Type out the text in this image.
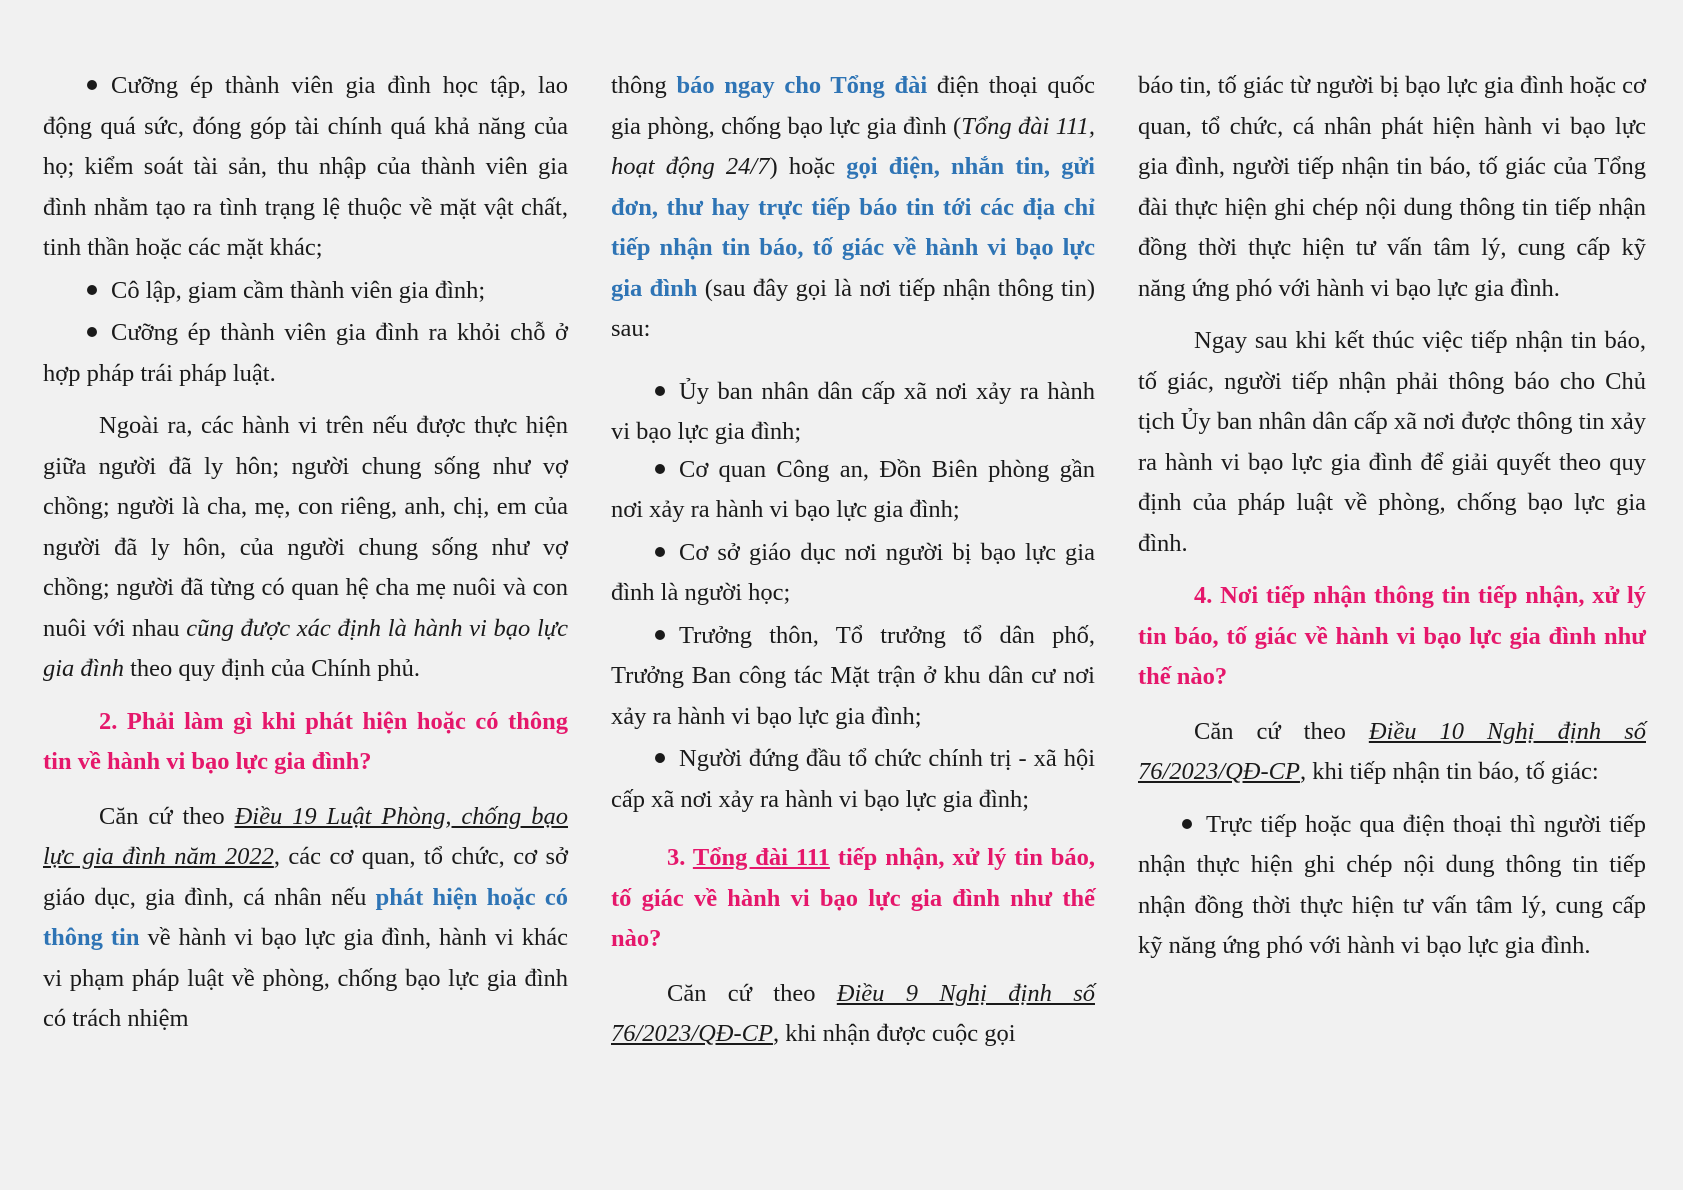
Cưỡng ép thành viên gia đình học tập, lao động quá sức, đóng góp tài chính quá khả năng của họ; kiểm soát tài sản, thu nhập của thành viên gia đình nhằm tạo ra tình trạng lệ thuộc về mặt vật chất, tinh thần hoặc các mặt khác;
Cô lập, giam cầm thành viên gia đình;
Cưỡng ép thành viên gia đình ra khỏi chỗ ở hợp pháp trái pháp luật.

Ngoài ra, các hành vi trên nếu được thực hiện giữa người đã ly hôn; người chung sống như vợ chồng; người là cha, mẹ, con riêng, anh, chị, em của người đã ly hôn, của người chung sống như vợ chồng; người đã từng có quan hệ cha mẹ nuôi và con nuôi với nhau cũng được xác định là hành vi bạo lực gia đình theo quy định của Chính phủ.

2. Phải làm gì khi phát hiện hoặc có thông tin về hành vi bạo lực gia đình?

Căn cứ theo Điều 19 Luật Phòng, chống bạo lực gia đình năm 2022, các cơ quan, tổ chức, cơ sở giáo dục, gia đình, cá nhân nếu phát hiện hoặc có thông tin về hành vi bạo lực gia đình, hành vi khác vi phạm pháp luật về phòng, chống bạo lực gia đình có trách nhiệm

thông báo ngay cho Tổng đài điện thoại quốc gia phòng, chống bạo lực gia đình (Tổng đài 111, hoạt động 24/7) hoặc gọi điện, nhắn tin, gửi đơn, thư hay trực tiếp báo tin tới các địa chỉ tiếp nhận tin báo, tố giác về hành vi bạo lực gia đình (sau đây gọi là nơi tiếp nhận thông tin) sau:

Ủy ban nhân dân cấp xã nơi xảy ra hành vi bạo lực gia đình;
Cơ quan Công an, Đồn Biên phòng gần nơi xảy ra hành vi bạo lực gia đình;
Cơ sở giáo dục nơi người bị bạo lực gia đình là người học;
Trưởng thôn, Tổ trưởng tổ dân phố, Trưởng Ban công tác Mặt trận ở khu dân cư nơi xảy ra hành vi bạo lực gia đình;
Người đứng đầu tổ chức chính trị - xã hội cấp xã nơi xảy ra hành vi bạo lực gia đình;

3. Tổng đài 111 tiếp nhận, xử lý tin báo, tố giác về hành vi bạo lực gia đình như thế nào?

Căn cứ theo Điều 9 Nghị định số 76/2023/QĐ-CP, khi nhận được cuộc gọi

báo tin, tố giác từ người bị bạo lực gia đình hoặc cơ quan, tổ chức, cá nhân phát hiện hành vi bạo lực gia đình, người tiếp nhận tin báo, tố giác của Tổng đài thực hiện ghi chép nội dung thông tin tiếp nhận đồng thời thực hiện tư vấn tâm lý, cung cấp kỹ năng ứng phó với hành vi bạo lực gia đình.

Ngay sau khi kết thúc việc tiếp nhận tin báo, tố giác, người tiếp nhận phải thông báo cho Chủ tịch Ủy ban nhân dân cấp xã nơi được thông tin xảy ra hành vi bạo lực gia đình để giải quyết theo quy định của pháp luật về phòng, chống bạo lực gia đình.

4. Nơi tiếp nhận thông tin tiếp nhận, xử lý tin báo, tố giác về hành vi bạo lực gia đình như thế nào?

Căn cứ theo Điều 10 Nghị định số 76/2023/QĐ-CP, khi tiếp nhận tin báo, tố giác:

Trực tiếp hoặc qua điện thoại thì người tiếp nhận thực hiện ghi chép nội dung thông tin tiếp nhận đồng thời thực hiện tư vấn tâm lý, cung cấp kỹ năng ứng phó với hành vi bạo lực gia đình.
